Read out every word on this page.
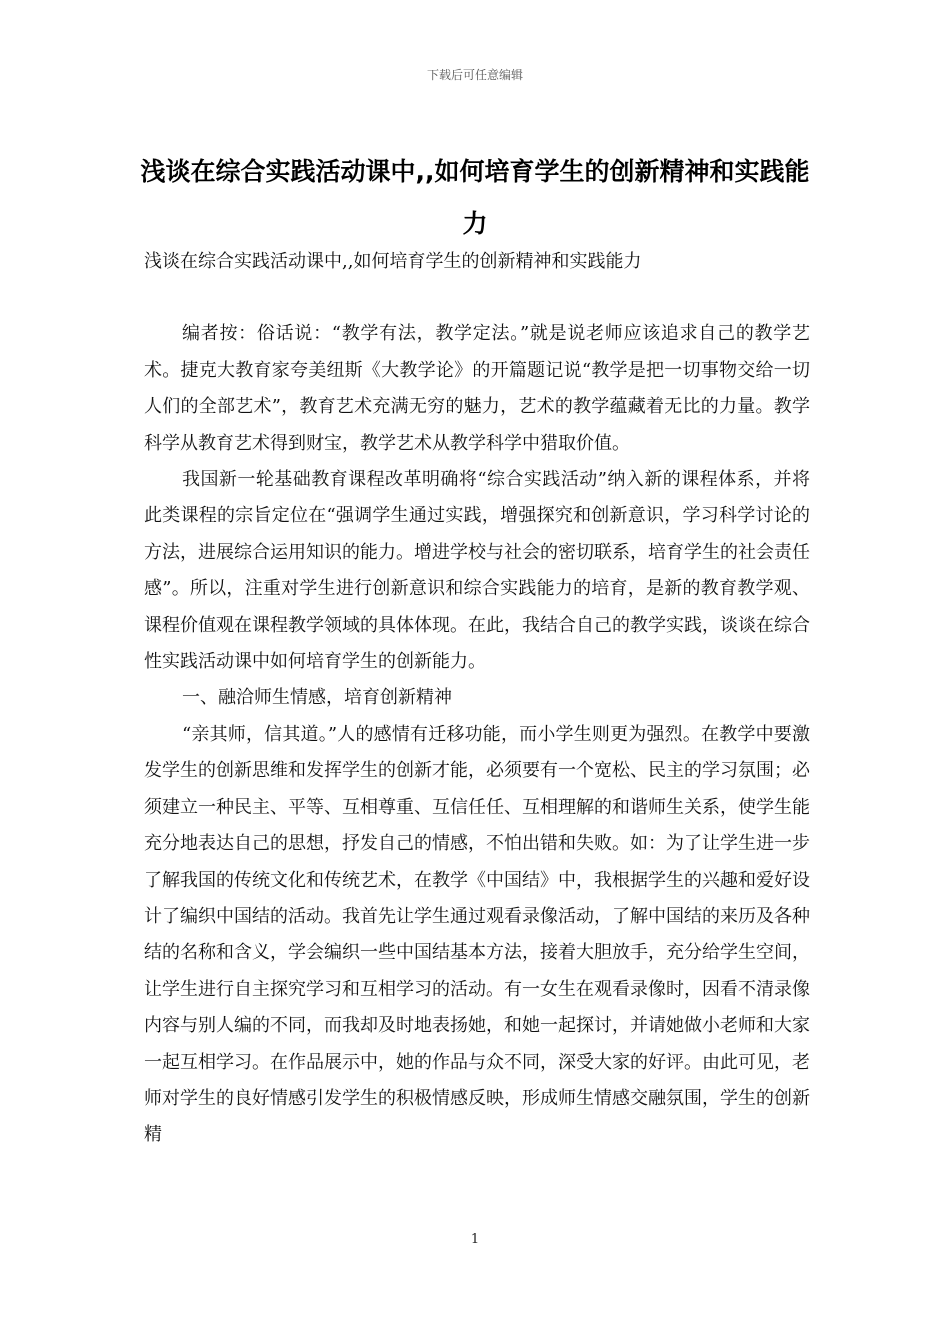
下载后可任意编辑
浅谈在综合实践活动课中,,如何培育学生的创新精神和实践能力

浅谈在综合实践活动课中,,如何培育学生的创新精神和实践能力

编者按：俗话说：“教学有法，教学定法。”就是说老师应该追求自己的教学艺术。捷克大教育家夸美纽斯《大教学论》的开篇题记说“教学是把一切事物交给一切人们的全部艺术”，教育艺术充满无穷的魅力，艺术的教学蕴藏着无比的力量。教学科学从教育艺术得到财宝，教学艺术从教学科学中猎取价值。

我国新一轮基础教育课程改革明确将“综合实践活动”纳入新的课程体系，并将此类课程的宗旨定位在“强调学生通过实践，增强探究和创新意识，学习科学讨论的方法，进展综合运用知识的能力。增进学校与社会的密切联系，培育学生的社会责任感”。所以，注重对学生进行创新意识和综合实践能力的培育，是新的教育教学观、课程价值观在课程教学领域的具体体现。在此，我结合自己的教学实践，谈谈在综合性实践活动课中如何培育学生的创新能力。

一、融洽师生情感，培育创新精神

“亲其师，信其道。”人的感情有迁移功能，而小学生则更为强烈。在教学中要激发学生的创新思维和发挥学生的创新才能，必须要有一个宽松、民主的学习氛围；必须建立一种民主、平等、互相尊重、互信任任、互相理解的和谐师生关系，使学生能充分地表达自己的思想，抒发自己的情感，不怕出错和失败。如：为了让学生进一步了解我国的传统文化和传统艺术，在教学《中国结》中，我根据学生的兴趣和爱好设计了编织中国结的活动。我首先让学生通过观看录像活动，了解中国结的来历及各种结的名称和含义，学会编织一些中国结基本方法，接着大胆放手，充分给学生空间，让学生进行自主探究学习和互相学习的活动。有一女生在观看录像时，因看不清录像内容与别人编的不同，而我却及时地表扬她，和她一起探讨，并请她做小老师和大家一起互相学习。在作品展示中，她的作品与众不同，深受大家的好评。由此可见，老师对学生的良好情感引发学生的积极情感反映，形成师生情感交融氛围，学生的创新精

1
